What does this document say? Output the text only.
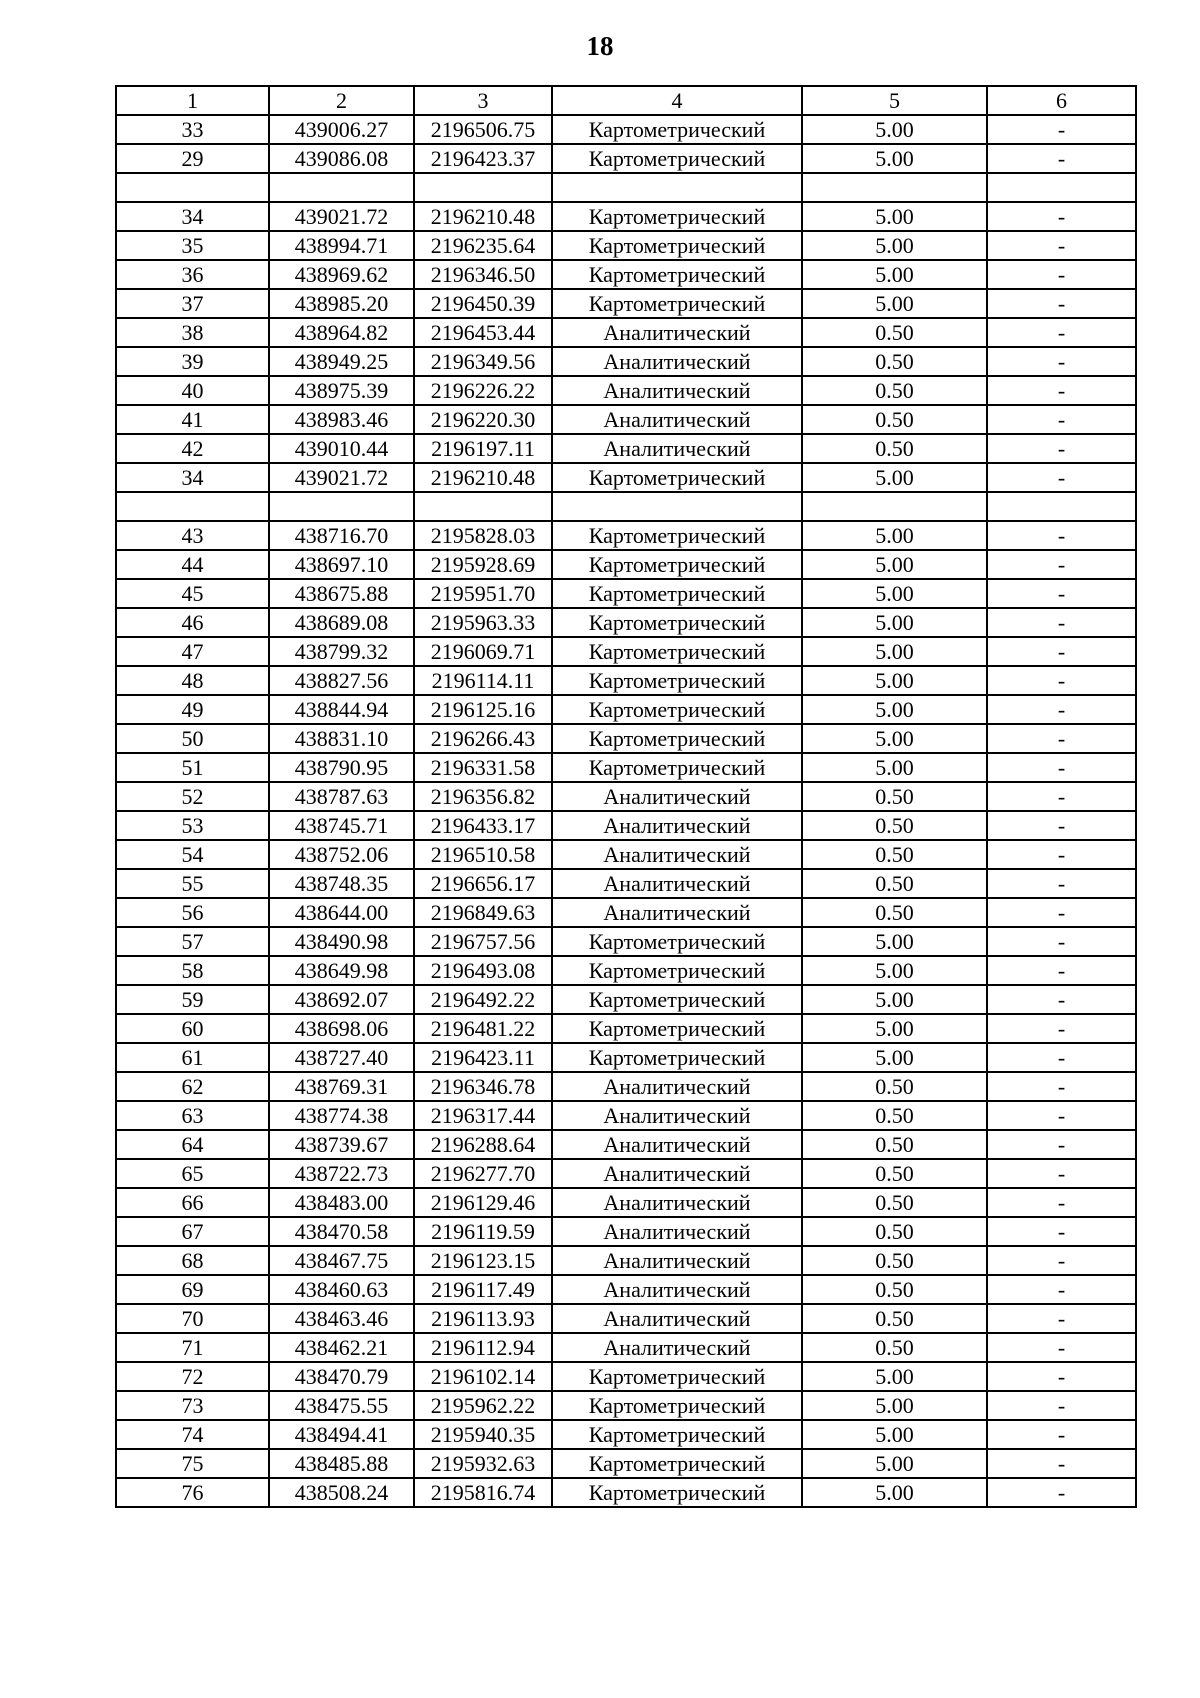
18
1	2	3	4	5	6
33	439006.27	2196506.75	Картометрический	5.00	-
29	439086.08	2196423.37	Картометрический	5.00	-

34	439021.72	2196210.48	Картометрический	5.00	-
35	438994.71	2196235.64	Картометрический	5.00	-
36	438969.62	2196346.50	Картометрический	5.00	-
37	438985.20	2196450.39	Картометрический	5.00	-
38	438964.82	2196453.44	Аналитический	0.50	-
39	438949.25	2196349.56	Аналитический	0.50	-
40	438975.39	2196226.22	Аналитический	0.50	-
41	438983.46	2196220.30	Аналитический	0.50	-
42	439010.44	2196197.11	Аналитический	0.50	-
34	439021.72	2196210.48	Картометрический	5.00	-

43	438716.70	2195828.03	Картометрический	5.00	-
44	438697.10	2195928.69	Картометрический	5.00	-
45	438675.88	2195951.70	Картометрический	5.00	-
46	438689.08	2195963.33	Картометрический	5.00	-
47	438799.32	2196069.71	Картометрический	5.00	-
48	438827.56	2196114.11	Картометрический	5.00	-
49	438844.94	2196125.16	Картометрический	5.00	-
50	438831.10	2196266.43	Картометрический	5.00	-
51	438790.95	2196331.58	Картометрический	5.00	-
52	438787.63	2196356.82	Аналитический	0.50	-
53	438745.71	2196433.17	Аналитический	0.50	-
54	438752.06	2196510.58	Аналитический	0.50	-
55	438748.35	2196656.17	Аналитический	0.50	-
56	438644.00	2196849.63	Аналитический	0.50	-
57	438490.98	2196757.56	Картометрический	5.00	-
58	438649.98	2196493.08	Картометрический	5.00	-
59	438692.07	2196492.22	Картометрический	5.00	-
60	438698.06	2196481.22	Картометрический	5.00	-
61	438727.40	2196423.11	Картометрический	5.00	-
62	438769.31	2196346.78	Аналитический	0.50	-
63	438774.38	2196317.44	Аналитический	0.50	-
64	438739.67	2196288.64	Аналитический	0.50	-
65	438722.73	2196277.70	Аналитический	0.50	-
66	438483.00	2196129.46	Аналитический	0.50	-
67	438470.58	2196119.59	Аналитический	0.50	-
68	438467.75	2196123.15	Аналитический	0.50	-
69	438460.63	2196117.49	Аналитический	0.50	-
70	438463.46	2196113.93	Аналитический	0.50	-
71	438462.21	2196112.94	Аналитический	0.50	-
72	438470.79	2196102.14	Картометрический	5.00	-
73	438475.55	2195962.22	Картометрический	5.00	-
74	438494.41	2195940.35	Картометрический	5.00	-
75	438485.88	2195932.63	Картометрический	5.00	-
76	438508.24	2195816.74	Картометрический	5.00	-
